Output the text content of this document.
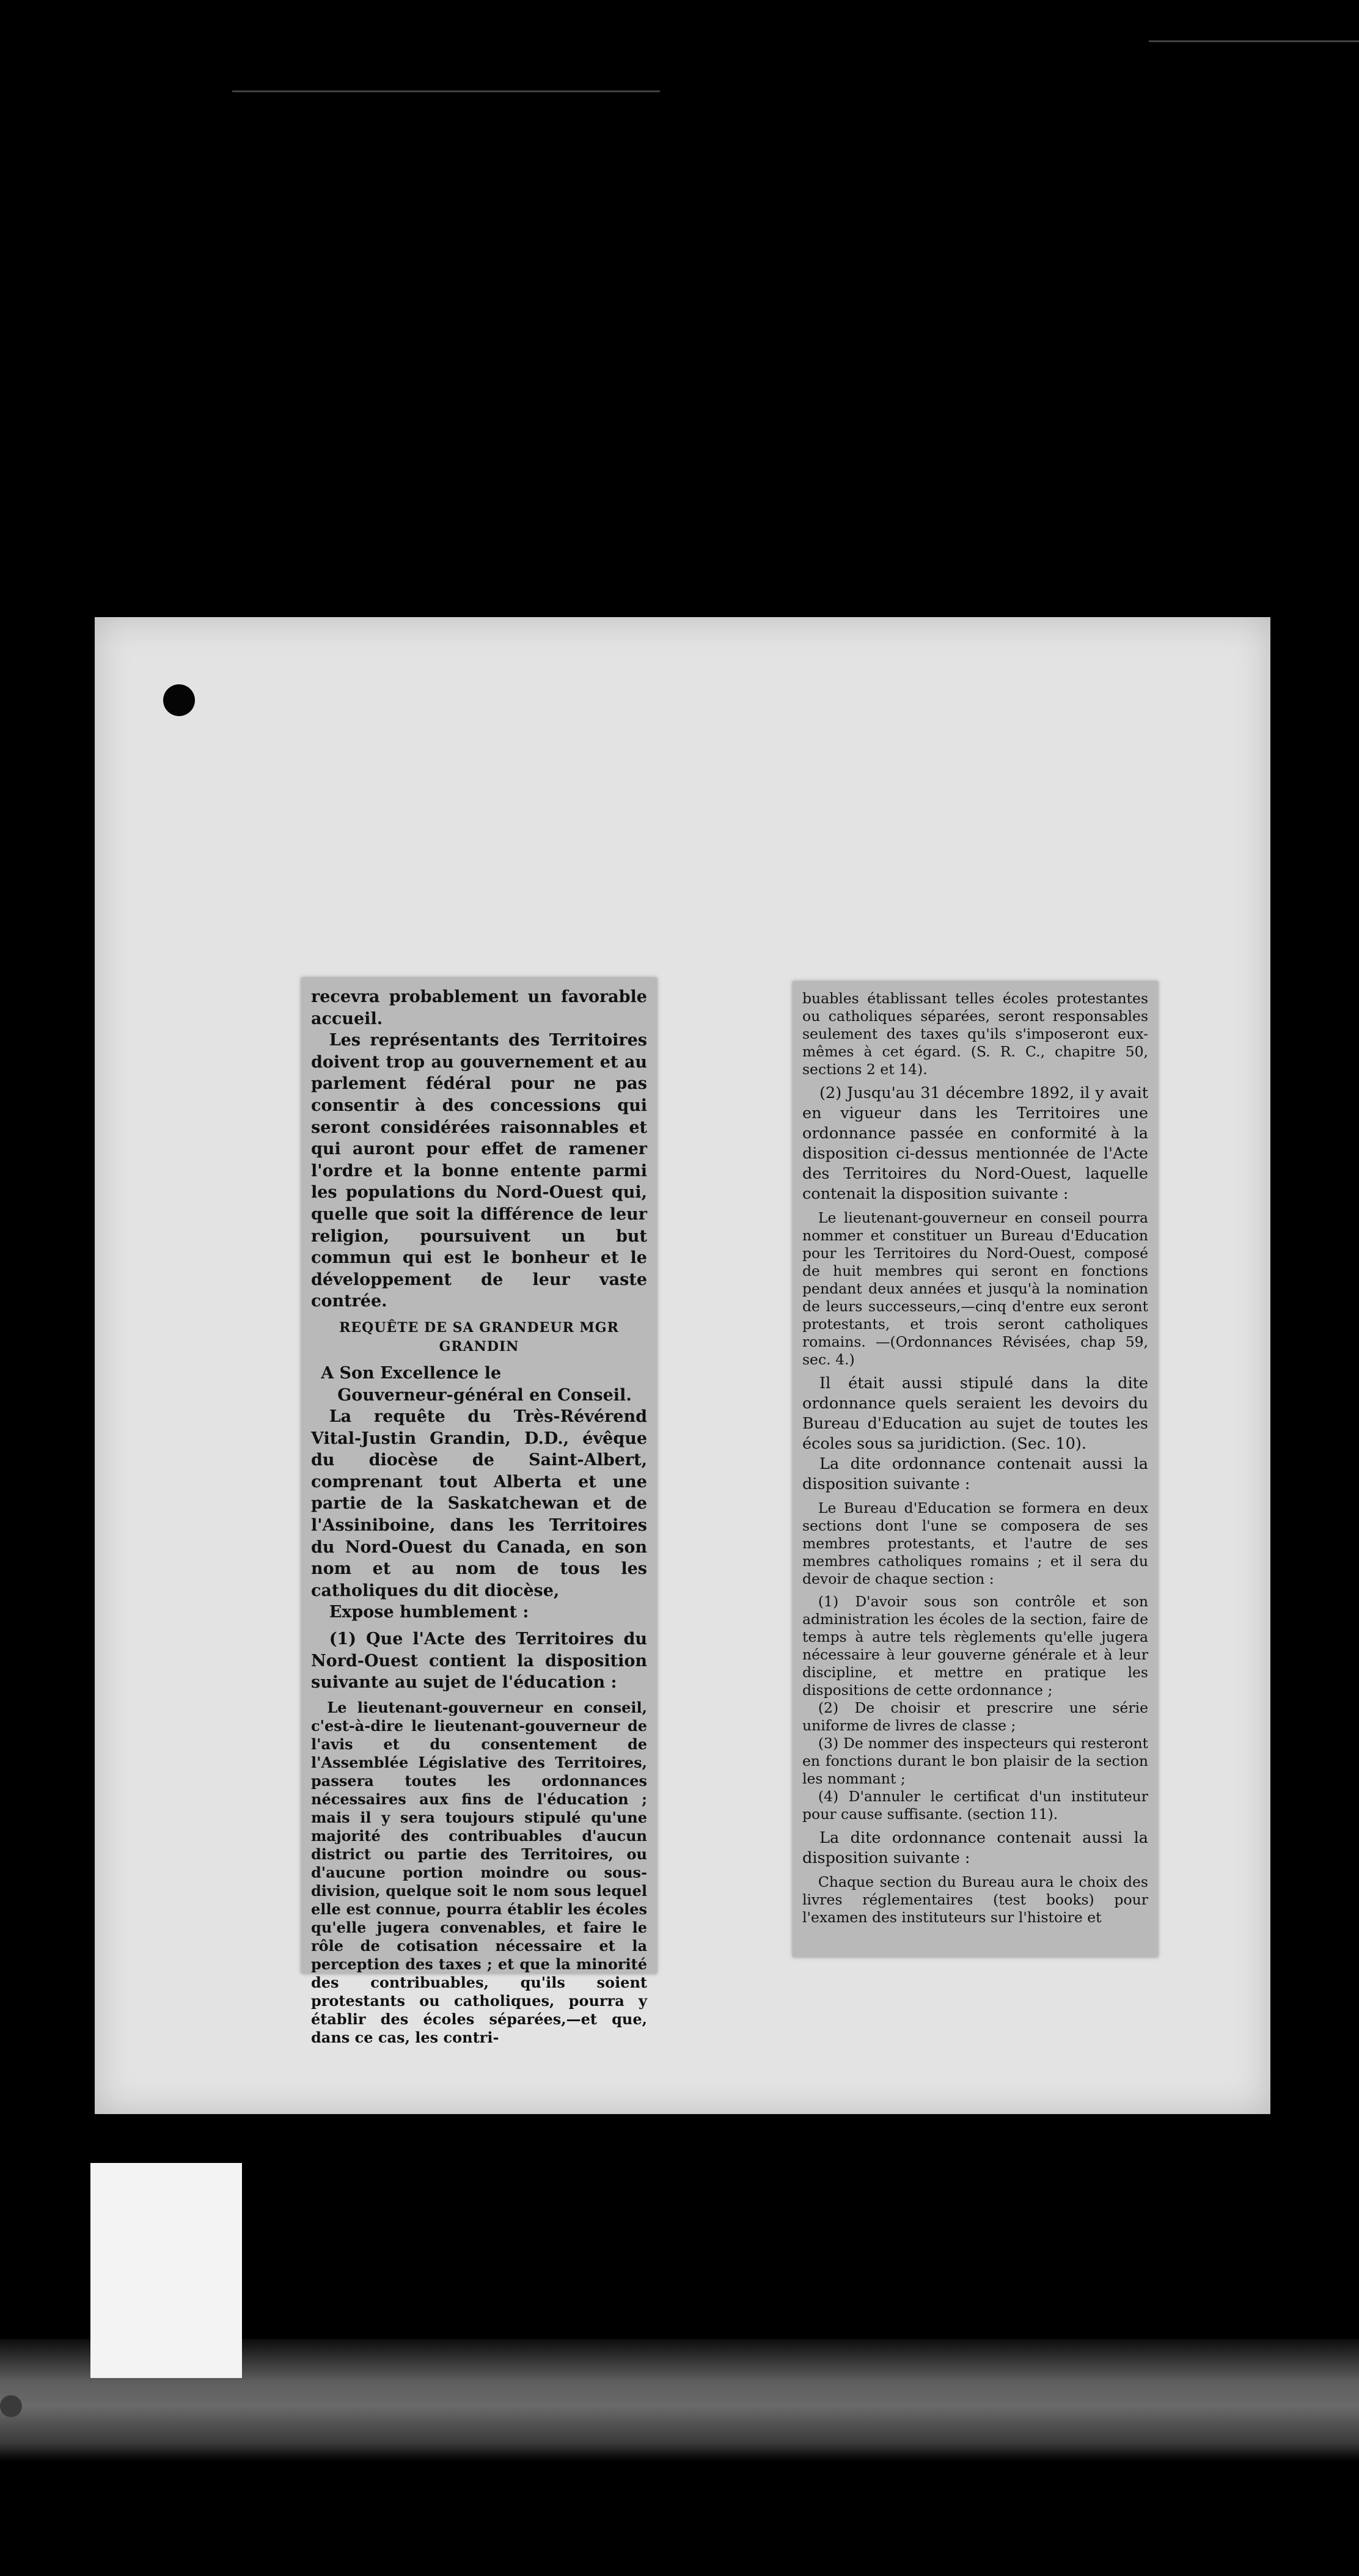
recevra probablement un favorable accueil.

Les représentants des Territoires doivent trop au gouvernement et au parlement fédéral pour ne pas consentir à des concessions qui seront considérées raisonnables et qui auront pour effet de ramener l'ordre et la bonne entente parmi les populations du Nord-Ouest qui, quelle que soit la différence de leur religion, poursuivent un but commun qui est le bonheur et le développement de leur vaste contrée.

REQUÊTE DE SA GRANDEUR MGR GRANDIN

A Son Excellence le

Gouverneur-général en Conseil.

La requête du Très-Révérend Vital-Justin Grandin, D.D., évêque du diocèse de Saint-Albert, comprenant tout Alberta et une partie de la Saskatchewan et de l'Assiniboine, dans les Territoires du Nord-Ouest du Canada, en son nom et au nom de tous les catholiques du dit diocèse,

Expose humblement :

(1) Que l'Acte des Territoires du Nord-Ouest contient la disposition suivante au sujet de l'éducation :

Le lieutenant-gouverneur en conseil, c'est-à-dire le lieutenant-gouverneur de l'avis et du consentement de l'Assemblée Législative des Territoires, passera toutes les ordonnances nécessaires aux fins de l'éducation ; mais il y sera toujours stipulé qu'une majorité des contribuables d'aucun district ou partie des Territoires, ou d'aucune portion moindre ou sous-division, quelque soit le nom sous lequel elle est connue, pourra établir les écoles qu'elle jugera convenables, et faire le rôle de cotisation nécessaire et la perception des taxes ; et que la minorité des contribuables, qu'ils soient protestants ou catholiques, pourra y établir des écoles séparées,—et que, dans ce cas, les contri-

buables établissant telles écoles protestantes ou catholiques séparées, seront responsables seulement des taxes qu'ils s'imposeront eux-mêmes à cet égard. (S. R. C., chapitre 50, sections 2 et 14).

(2) Jusqu'au 31 décembre 1892, il y avait en vigueur dans les Territoires une ordonnance passée en conformité à la disposition ci-dessus mentionnée de l'Acte des Territoires du Nord-Ouest, laquelle contenait la disposition suivante :

Le lieutenant-gouverneur en conseil pourra nommer et constituer un Bureau d'Education pour les Territoires du Nord-Ouest, composé de huit membres qui seront en fonctions pendant deux années et jusqu'à la nomination de leurs successeurs,—cinq d'entre eux seront protestants, et trois seront catholiques romains. —(Ordonnances Révisées, chap 59, sec. 4.)

Il était aussi stipulé dans la dite ordonnance quels seraient les devoirs du Bureau d'Education au sujet de toutes les écoles sous sa juridiction. (Sec. 10).

La dite ordonnance contenait aussi la disposition suivante :

Le Bureau d'Education se formera en deux sections dont l'une se composera de ses membres protestants, et l'autre de ses membres catholiques romains ; et il sera du devoir de chaque section :

(1) D'avoir sous son contrôle et son administration les écoles de la section, faire de temps à autre tels règlements qu'elle jugera nécessaire à leur gouverne générale et à leur discipline, et mettre en pratique les dispositions de cette ordonnance ;

(2) De choisir et prescrire une série uniforme de livres de classe ;

(3) De nommer des inspecteurs qui resteront en fonctions durant le bon plaisir de la section les nommant ;

(4) D'annuler le certificat d'un instituteur pour cause suffisante. (section 11).

La dite ordonnance contenait aussi la disposition suivante :

Chaque section du Bureau aura le choix des livres réglementaires (test books) pour l'examen des instituteurs sur l'histoire et
